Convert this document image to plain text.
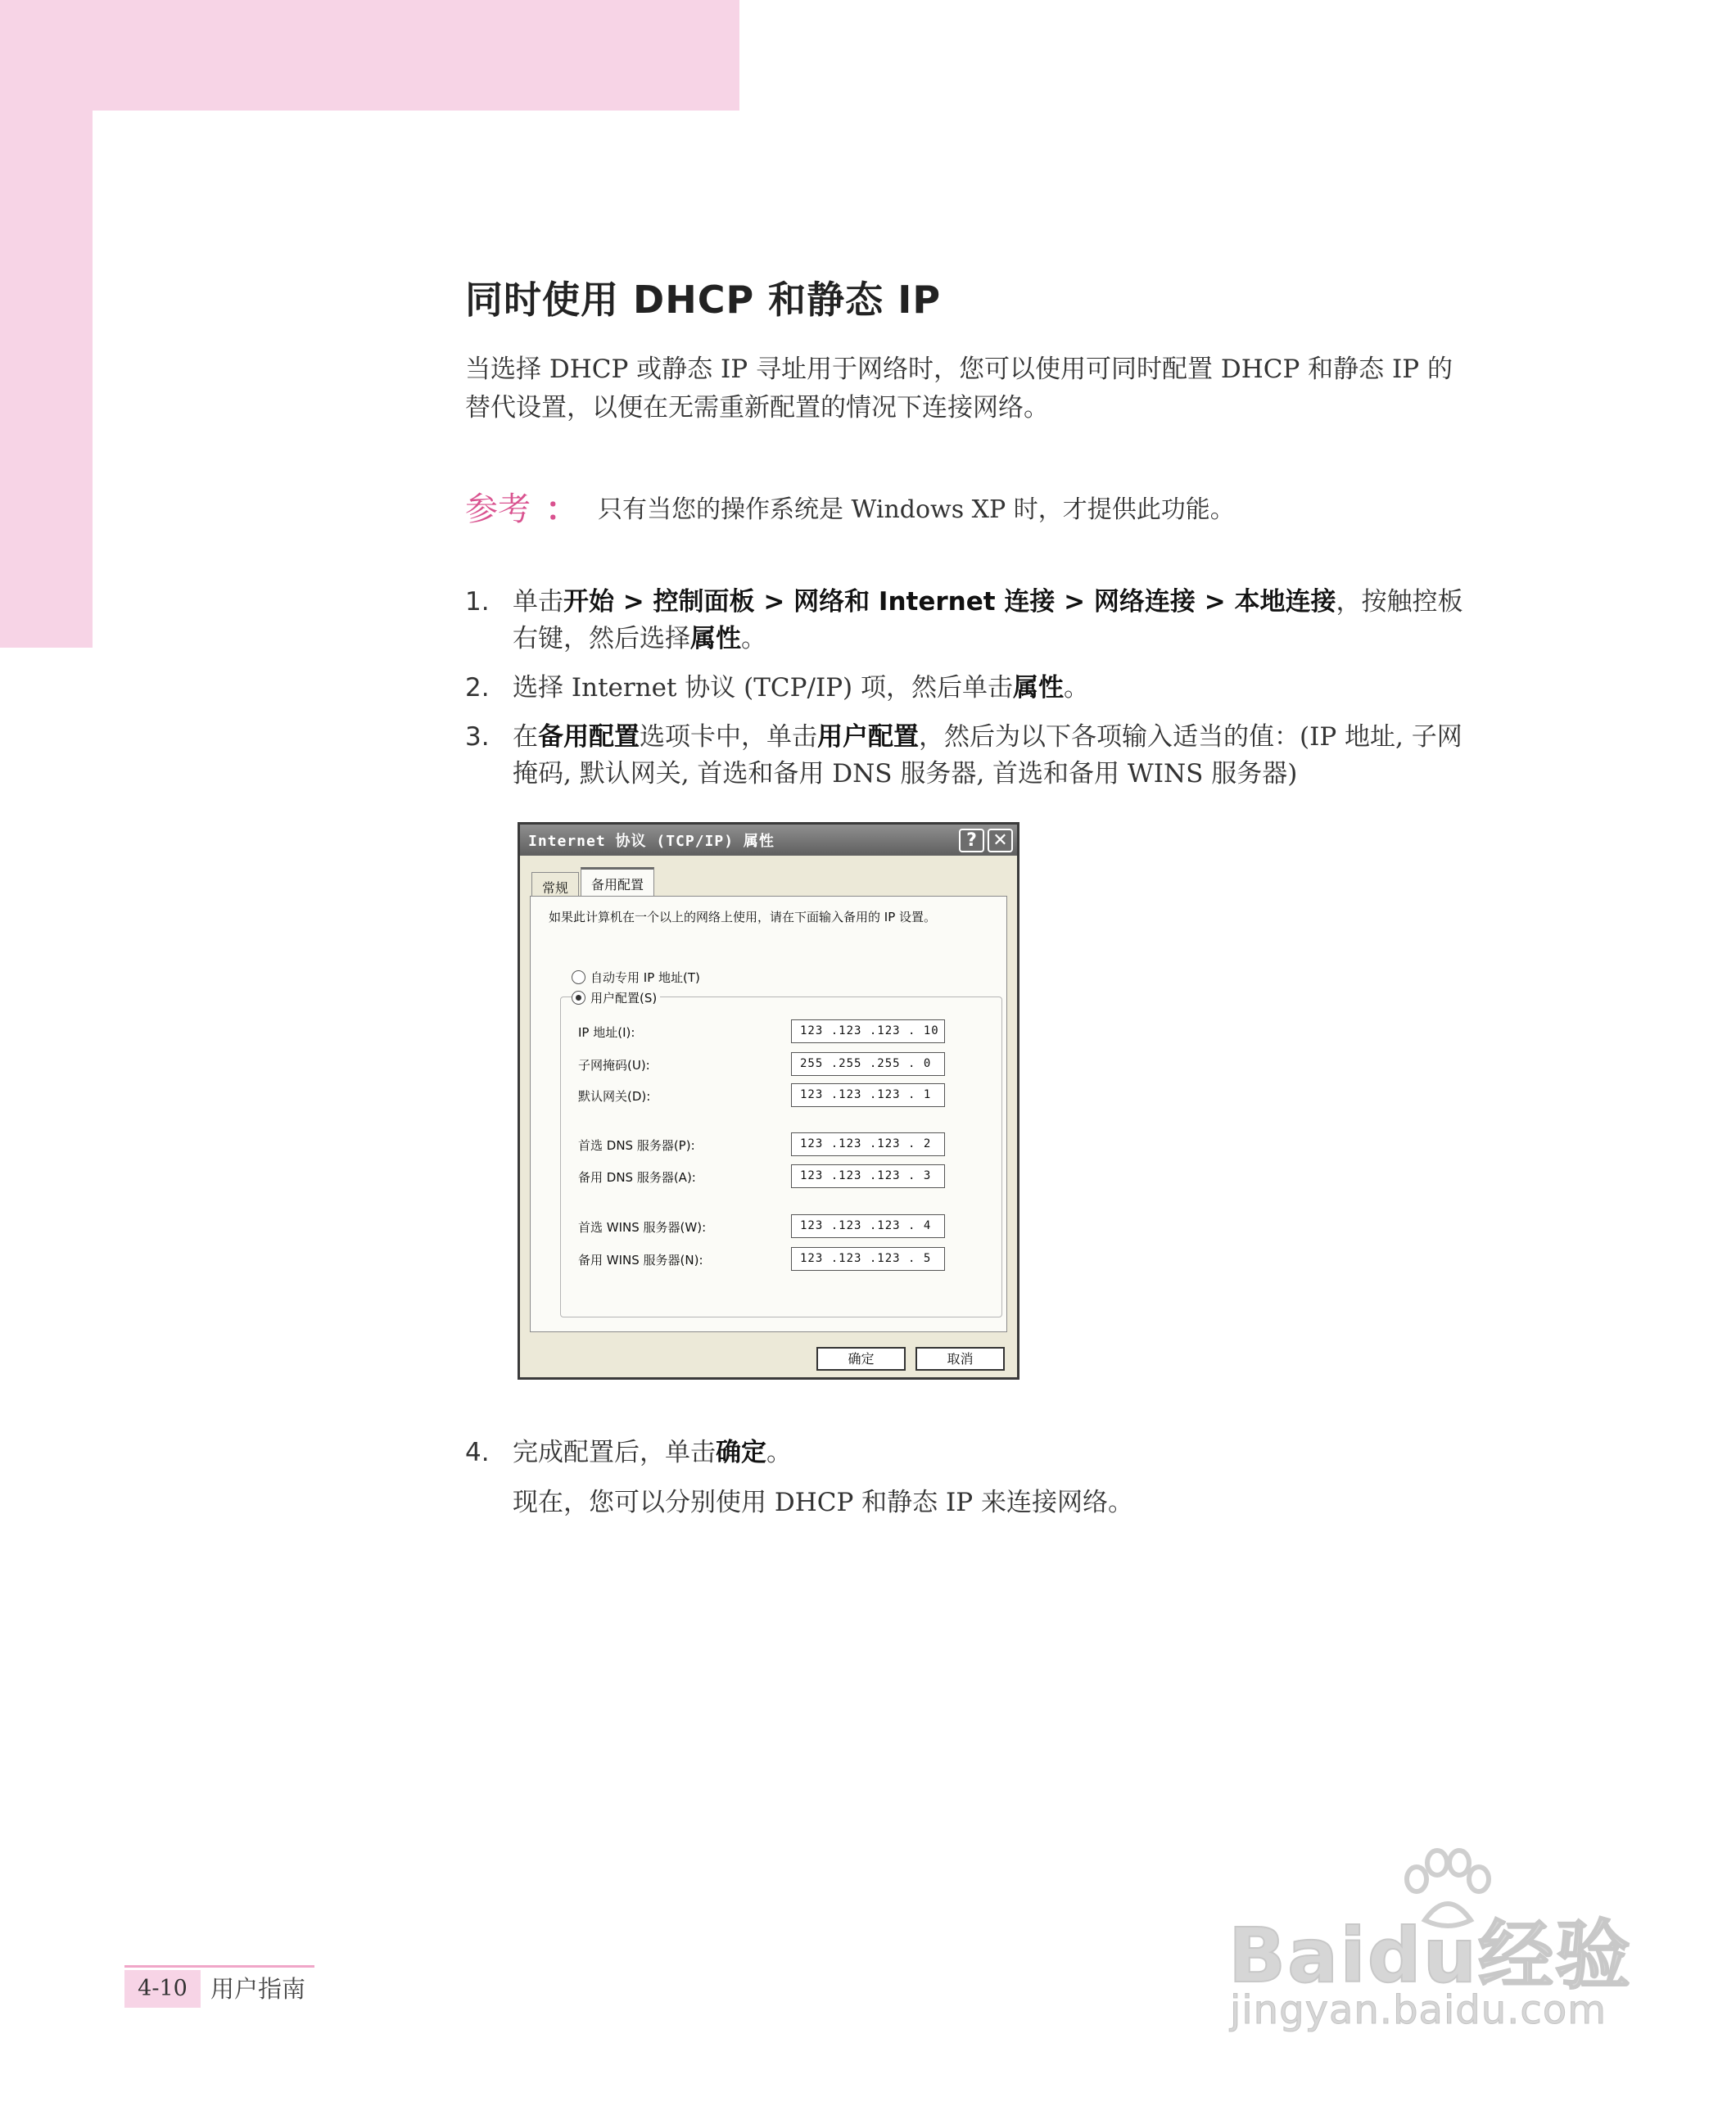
同时使用 DHCP 和静态 IP

当选择 DHCP 或静态 IP 寻址用于网络时，您可以使用可同时配置 DHCP 和静态 IP 的替代设置，以便在无需重新配置的情况下连接网络。

参考 ： 只有当您的操作系统是 Windows XP 时，才提供此功能。
1. 单击开始 > 控制面板 > 网络和 Internet 连接 > 网络连接 > 本地连接，按触控板右键，然后选择属性。
2. 选择 Internet 协议 (TCP/IP) 项，然后单击属性。
3. 在备用配置选项卡中，单击用户配置，然后为以下各项输入适当的值：(IP 地址, 子网掩码, 默认网关, 首选和备用 DNS 服务器, 首选和备用 WINS 服务器)
Internet 协议 (TCP/IP) 属性	? ✕
常规	备用配置
如果此计算机在一个以上的网络上使用，请在下面输入备用的 IP 设置。
自动专用 IP 地址(T)
用户配置(S)
IP 地址(I):	123 .123 .123 . 10
子网掩码(U):	255 .255 .255 . 0
默认网关(D):	123 .123 .123 . 1
首选 DNS 服务器(P):	123 .123 .123 . 2
备用 DNS 服务器(A):	123 .123 .123 . 3
首选 WINS 服务器(W):	123 .123 .123 . 4
备用 WINS 服务器(N):	123 .123 .123 . 5
确定	取消
4. 完成配置后，单击确定。

现在，您可以分别使用 DHCP 和静态 IP 来连接网络。

4-10 用户指南	Baidu经验
jingyan.baidu.com
